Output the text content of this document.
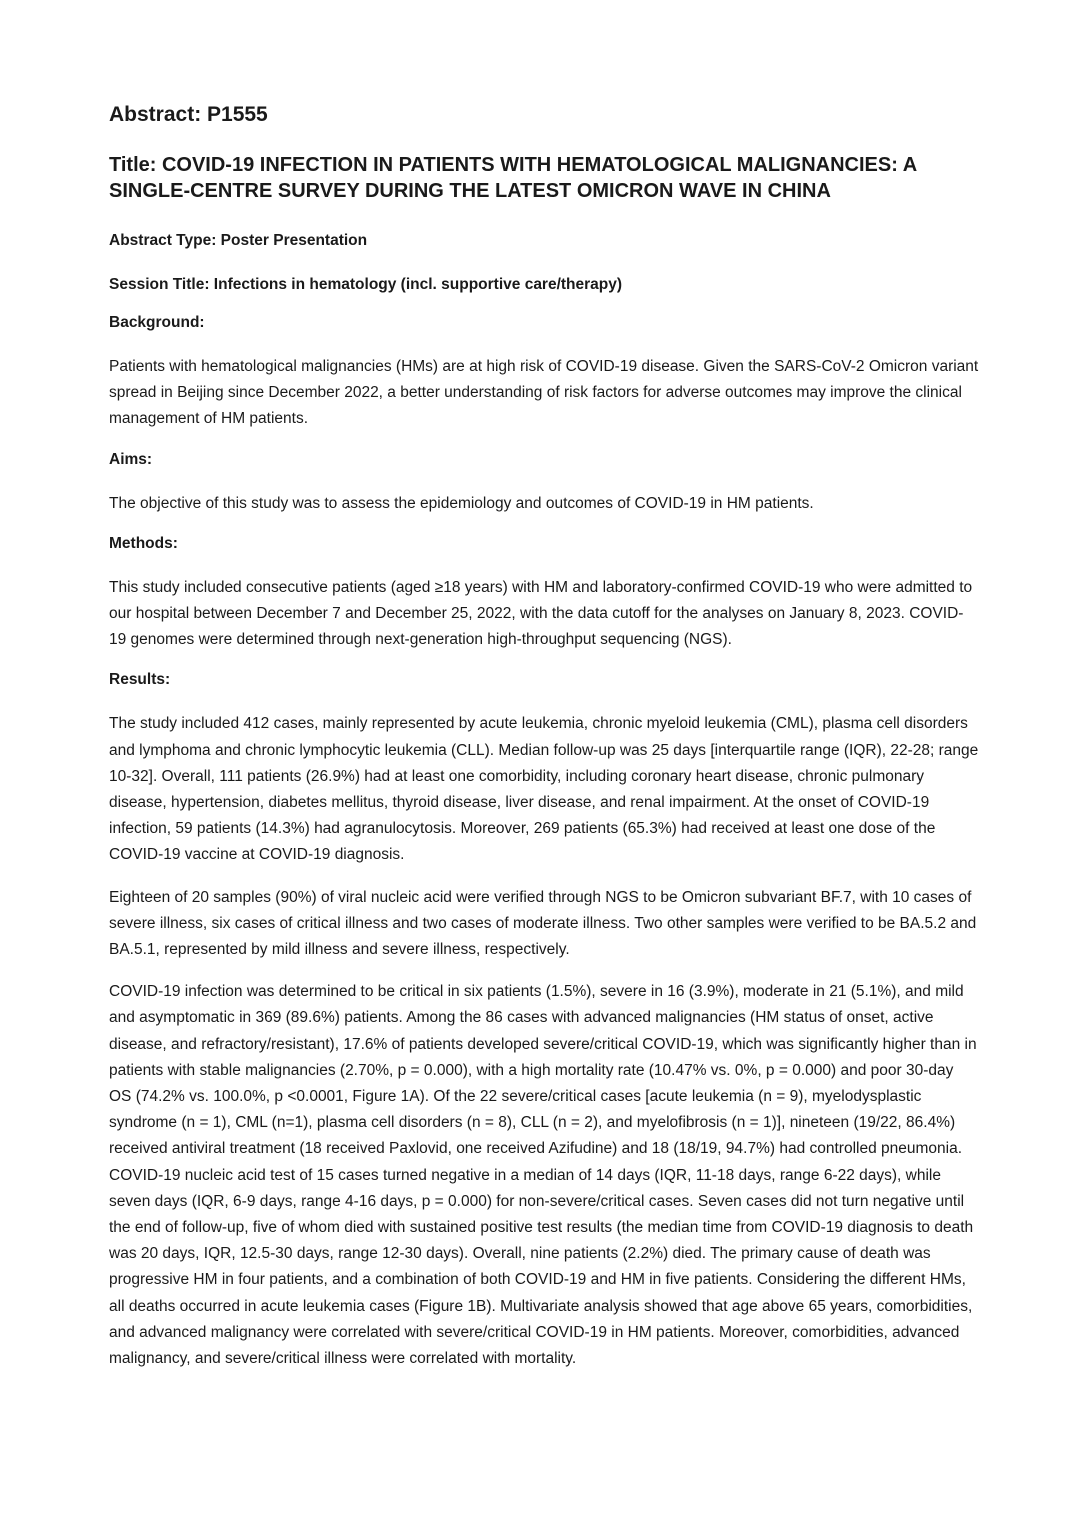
Abstract: P1555
Title: COVID-19 INFECTION IN PATIENTS WITH HEMATOLOGICAL MALIGNANCIES: A SINGLE-CENTRE SURVEY DURING THE LATEST OMICRON WAVE IN CHINA
Abstract Type: Poster Presentation
Session Title: Infections in hematology (incl. supportive care/therapy)
Background:
Patients with hematological malignancies (HMs) are at high risk of COVID-19 disease. Given the SARS-CoV-2 Omicron variant spread in Beijing since December 2022, a better understanding of risk factors for adverse outcomes may improve the clinical management of HM patients.
Aims:
The objective of this study was to assess the epidemiology and outcomes of COVID-19 in HM patients.
Methods:
This study included consecutive patients (aged ≥18 years) with HM and laboratory-confirmed COVID-19 who were admitted to our hospital between December 7 and December 25, 2022, with the data cutoff for the analyses on January 8, 2023. COVID-19 genomes were determined through next-generation high-throughput sequencing (NGS).
Results:
The study included 412 cases, mainly represented by acute leukemia, chronic myeloid leukemia (CML), plasma cell disorders and lymphoma and chronic lymphocytic leukemia (CLL). Median follow-up was 25 days [interquartile range (IQR), 22-28; range 10-32]. Overall, 111 patients (26.9%) had at least one comorbidity, including coronary heart disease, chronic pulmonary disease, hypertension, diabetes mellitus, thyroid disease, liver disease, and renal impairment. At the onset of COVID-19 infection, 59 patients (14.3%) had agranulocytosis. Moreover, 269 patients (65.3%) had received at least one dose of the COVID-19 vaccine at COVID-19 diagnosis.
Eighteen of 20 samples (90%) of viral nucleic acid were verified through NGS to be Omicron subvariant BF.7, with 10 cases of severe illness, six cases of critical illness and two cases of moderate illness. Two other samples were verified to be BA.5.2 and BA.5.1, represented by mild illness and severe illness, respectively.
COVID-19 infection was determined to be critical in six patients (1.5%), severe in 16 (3.9%), moderate in 21 (5.1%), and mild and asymptomatic in 369 (89.6%) patients. Among the 86 cases with advanced malignancies (HM status of onset, active disease, and refractory/resistant), 17.6% of patients developed severe/critical COVID-19, which was significantly higher than in patients with stable malignancies (2.70%, p = 0.000), with a high mortality rate (10.47% vs. 0%, p = 0.000) and poor 30-day OS (74.2% vs. 100.0%, p <0.0001, Figure 1A). Of the 22 severe/critical cases [acute leukemia (n = 9), myelodysplastic syndrome (n = 1), CML (n=1), plasma cell disorders (n = 8), CLL (n = 2), and myelofibrosis (n = 1)], nineteen (19/22, 86.4%) received antiviral treatment (18 received Paxlovid, one received Azifudine) and 18 (18/19, 94.7%) had controlled pneumonia. COVID-19 nucleic acid test of 15 cases turned negative in a median of 14 days (IQR, 11-18 days, range 6-22 days), while seven days (IQR, 6-9 days, range 4-16 days, p = 0.000) for non-severe/critical cases. Seven cases did not turn negative until the end of follow-up, five of whom died with sustained positive test results (the median time from COVID-19 diagnosis to death was 20 days, IQR, 12.5-30 days, range 12-30 days). Overall, nine patients (2.2%) died. The primary cause of death was progressive HM in four patients, and a combination of both COVID-19 and HM in five patients. Considering the different HMs, all deaths occurred in acute leukemia cases (Figure 1B). Multivariate analysis showed that age above 65 years, comorbidities, and advanced malignancy were correlated with severe/critical COVID-19 in HM patients. Moreover, comorbidities, advanced malignancy, and severe/critical illness were correlated with mortality.
